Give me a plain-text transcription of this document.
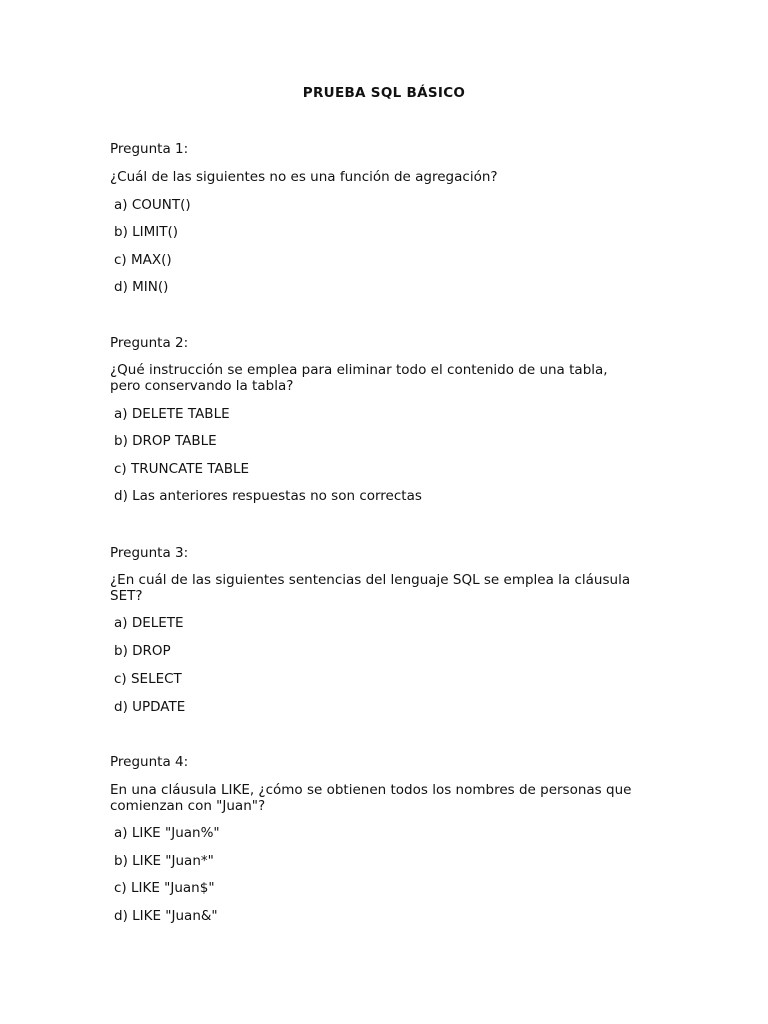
PRUEBA SQL BÁSICO
Pregunta 1:
¿Cuál de las siguientes no es una función de agregación?
a) COUNT()
b) LIMIT()
c) MAX()
d) MIN()
Pregunta 2:
¿Qué instrucción se emplea para eliminar todo el contenido de una tabla, pero conservando la tabla?
a) DELETE TABLE
b) DROP TABLE
c) TRUNCATE TABLE
d) Las anteriores respuestas no son correctas
Pregunta 3:
¿En cuál de las siguientes sentencias del lenguaje SQL se emplea la cláusula SET?
a) DELETE
b) DROP
c) SELECT
d) UPDATE
Pregunta 4:
En una cláusula LIKE, ¿cómo se obtienen todos los nombres de personas que comienzan con "Juan"?
a) LIKE "Juan%"
b) LIKE "Juan*"
c) LIKE "Juan$"
d) LIKE "Juan&"
